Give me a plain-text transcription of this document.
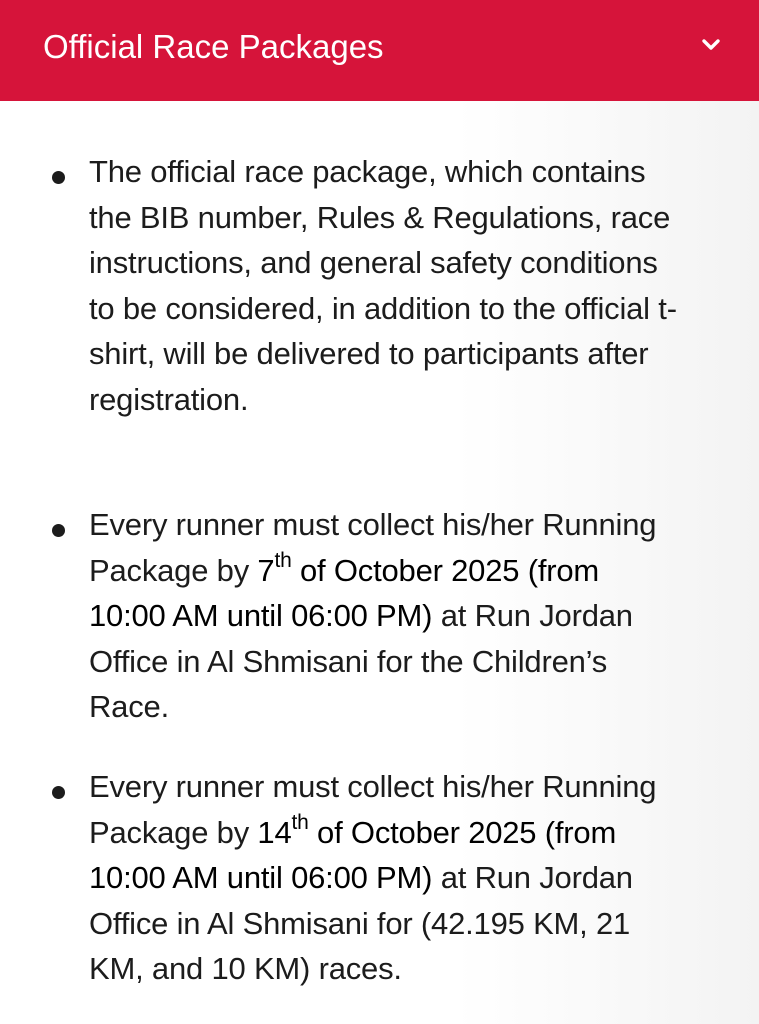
Official Race Packages
The official race package, which contains the BIB number, Rules & Regulations, race instructions, and general safety conditions to be considered, in addition to the official t-shirt, will be delivered to participants after registration.
Every runner must collect his/her Running Package by 7th of October 2025 (from 10:00 AM until 06:00 PM) at Run Jordan Office in Al Shmisani for the Children’s Race.
Every runner must collect his/her Running Package by 14th of October 2025 (from 10:00 AM until 06:00 PM) at Run Jordan Office in Al Shmisani for (42.195 KM, 21 KM, and 10 KM) races.
